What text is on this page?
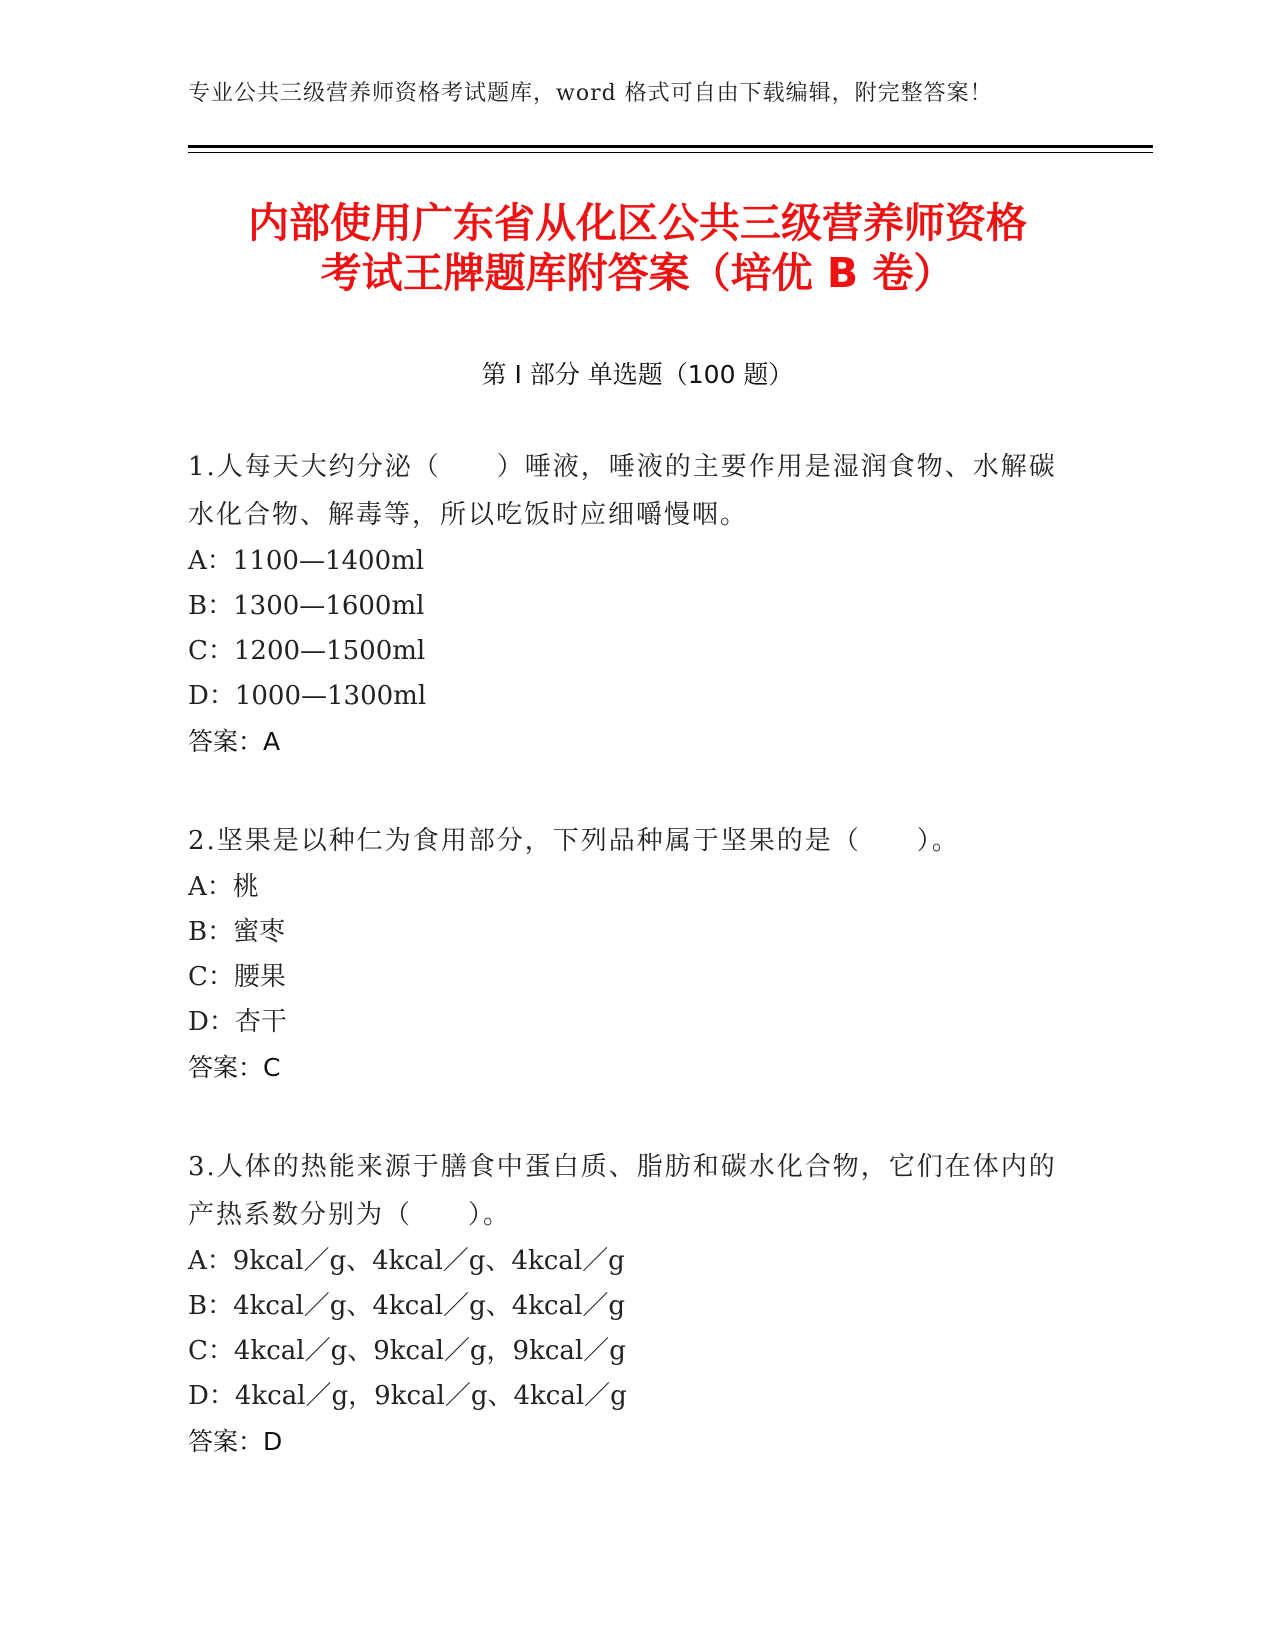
专业公共三级营养师资格考试题库，word 格式可自由下载编辑，附完整答案！
内部使用广东省从化区公共三级营养师资格
考试王牌题库附答案（培优 B 卷）
第 I 部分 单选题（100 题）
1.人每天大约分泌（　　）唾液，唾液的主要作用是湿润食物、水解碳水化合物、解毒等，所以吃饭时应细嚼慢咽。
A：1100—1400ml
B：1300—1600ml
C：1200—1500ml
D：1000—1300ml
答案：A
2.坚果是以种仁为食用部分，下列品种属于坚果的是（　　）。
A：桃
B：蜜枣
C：腰果
D：杏干
答案：C
3.人体的热能来源于膳食中蛋白质、脂肪和碳水化合物，它们在体内的产热系数分别为（　　）。
A：9kcal／g、4kcal／g、4kcal／g
B：4kcal／g、4kcal／g、4kcal／g
C：4kcal／g、9kcal／g，9kcal／g
D：4kcal／g，9kcal／g、4kcal／g
答案：D
